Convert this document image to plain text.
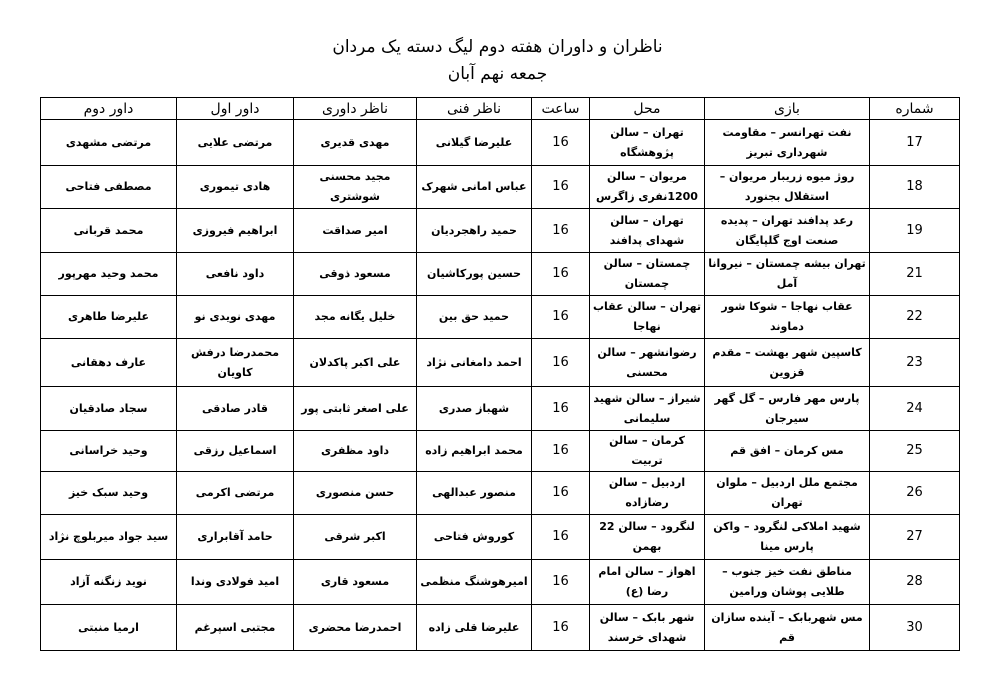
ناظران و داوران هفته دوم لیگ دسته یک مردان
جمعه نهم آبان
شماره	بازی	محل	ساعت	ناظر فنی	ناظر داوری	داور اول	داور دوم
17	نفت تهرانسر – مقاومت شهرداری تبریز	تهران – سالن پژوهشگاه	16	علیرضا گیلانی	مهدی قدیری	مرتضی علایی	مرتضی مشهدی
18	روژ میوه زریبار مریوان – استقلال بجنورد	مریوان – سالن 1200نفری زاگرس	16	عباس امانی شهرک	مجید محسنی شوشتری	هادی تیموری	مصطفی فتاحی
19	رعد پدافند تهران – پدیده صنعت اوج گلپایگان	تهران – سالن شهدای پدافند	16	حمید راهجردیان	امیر صداقت	ابراهیم فیروزی	محمد قربانی
21	تهران بیشه چمستان – نیروانا آمل	چمستان – سالن چمستان	16	حسین پورکاشیان	مسعود ذوقی	داود نافعی	محمد وحید مهرپور
22	عقاب نهاجا – شوکا شور دماوند	تهران – سالن عقاب نهاجا	16	حمید حق بین	خلیل یگانه مجد	مهدی نویدی نو	علیرضا طاهری
23	کاسپین شهر بهشت – مقدم قزوین	رضوانشهر – سالن محسنی	16	احمد دامغانی نژاد	علی اکبر پاکدلان	محمدرضا درفش کاویان	عارف دهقانی
24	پارس مهر فارس – گل گهر سیرجان	شیراز – سالن شهید سلیمانی	16	شهباز صدری	علی اصغر ثابتی پور	قادر صادقی	سجاد صادقیان
25	مس کرمان – افق قم	کرمان – سالن تربیت	16	محمد ابراهیم زاده	داود مظفری	اسماعیل رزقی	وحید خراسانی
26	مجتمع ملل اردبیل – ملوان تهران	اردبیل – سالن رضازاده	16	منصور عبدالهی	حسن منصوری	مرتضی اکرمی	وحید سبک خیز
27	شهید املاکی لنگرود – واکن پارس مینا	لنگرود – سالن 22 بهمن	16	کوروش فتاحی	اکبر شرقی	حامد آقابراری	سید جواد میربلوچ نژاد
28	مناطق نفت خیز جنوب – طلایی پوشان ورامین	اهواز – سالن امام رضا (ع)	16	امیرهوشنگ منظمی	مسعود قاری	امید فولادی وندا	نوید زنگنه آزاد
30	مس شهربابک – آینده سازان قم	شهر بابک – سالن شهدای خرسند	16	علیرضا قلی زاده	احمدرضا محضری	مجتبی اسپرغم	ارمیا منبتی
